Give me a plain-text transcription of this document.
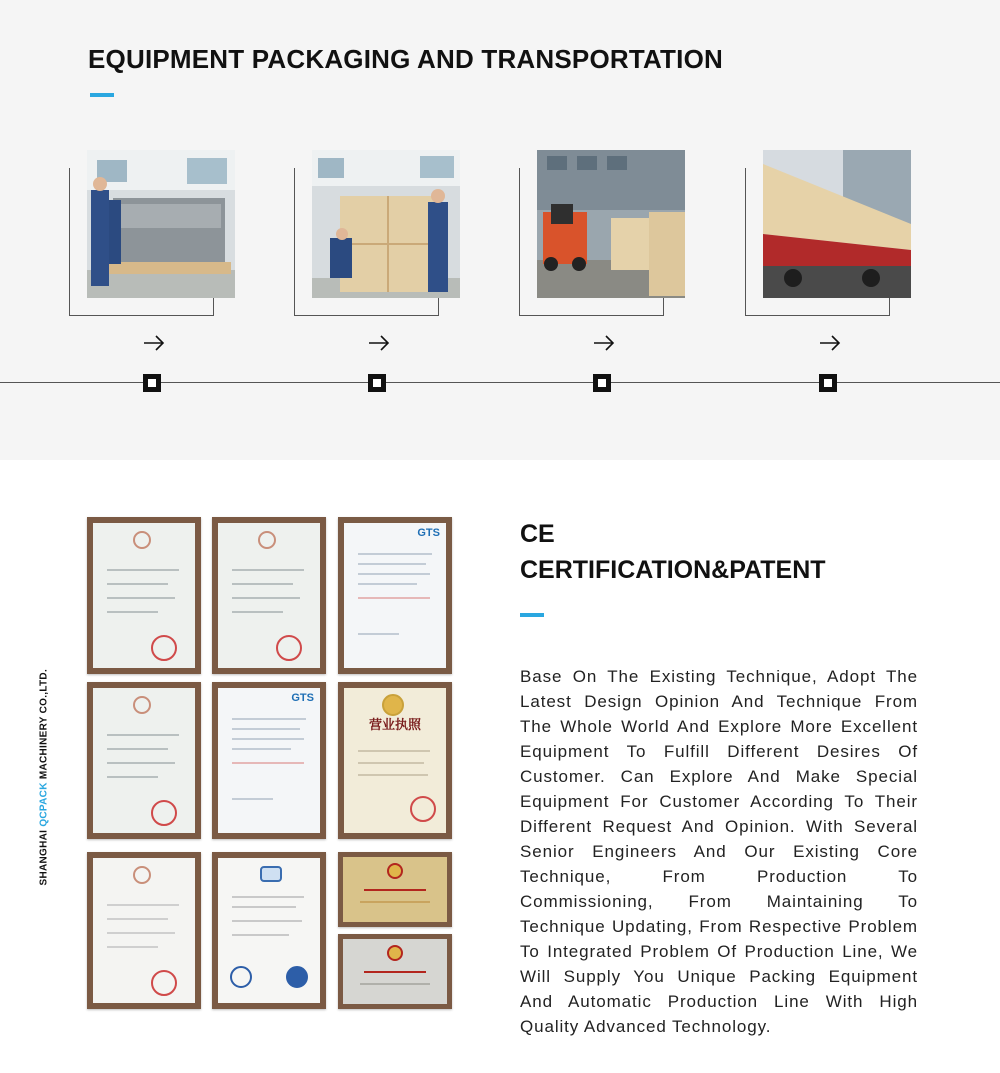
EQUIPMENT PACKAGING AND TRANSPORTATION
SHANGHAI QCPACK MACHINERY CO.,LTD.
GTS
GTS
营业执照
CE
CERTIFICATION&PATENT

Base On The Existing Technique, Adopt The Latest Design Opinion And Technique From The Whole World And Explore More Excellent Equipment To Fulfill Different Desires Of Customer. Can Explore And Make Special Equipment For Customer According To Their Different Request And Opinion. With Several Senior Engineers And Our Existing Core Technique, From Production To Commissioning, From Maintaining To Technique Updating, From Respective Problem To Integrated Problem Of Production Line, We Will Supply You Unique Packing Equipment And Automatic Production Line With High Quality Advanced Technology.
